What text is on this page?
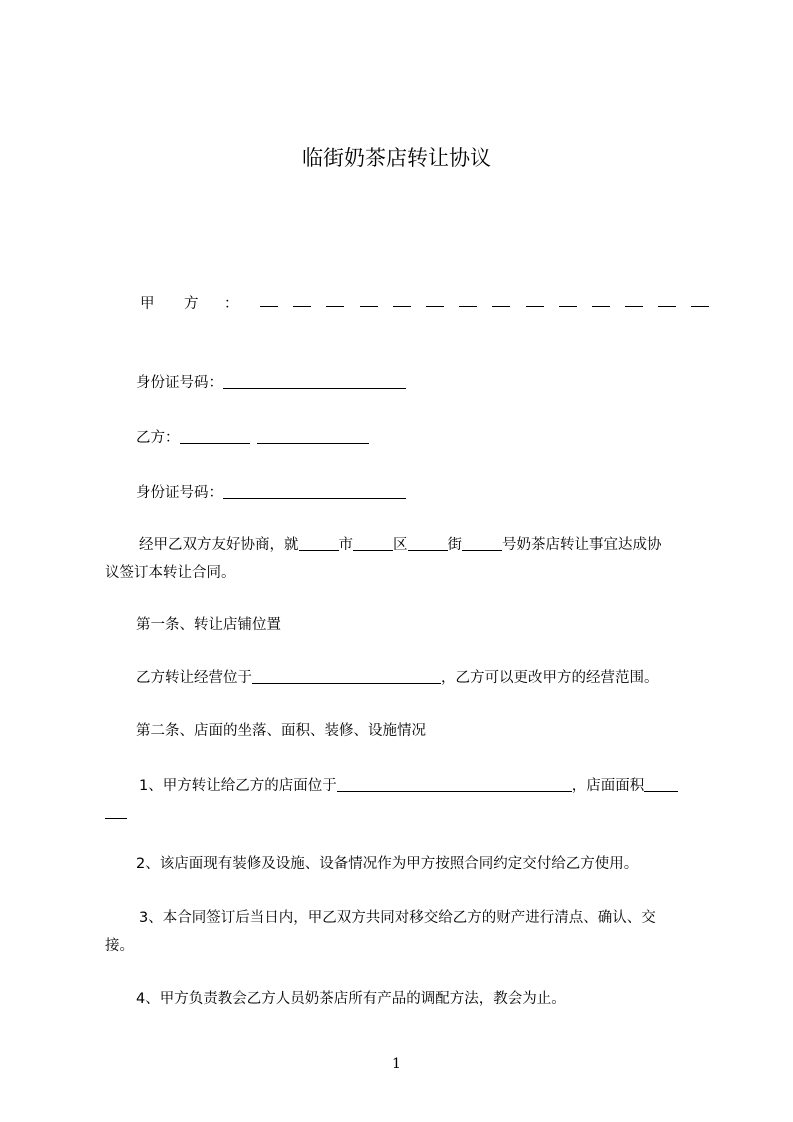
临街奶茶店转让协议
甲 方 ：
身份证号码：
乙方：
身份证号码：
经甲乙双方友好协商，就	市	区	街	号奶茶店转让事宜达成协
议签订本转让合同。
第一条、转让店铺位置
乙方转让经营位于	，乙方可以更改甲方的经营范围。
第二条、店面的坐落、面积、装修、设施情况
1、甲方转让给乙方的店面位于	，店面面积
2、该店面现有装修及设施、设备情况作为甲方按照合同约定交付给乙方使用。
3、本合同签订后当日内，甲乙双方共同对移交给乙方的财产进行清点、确认、交
接。
4、甲方负责教会乙方人员奶茶店所有产品的调配方法，教会为止。
1
